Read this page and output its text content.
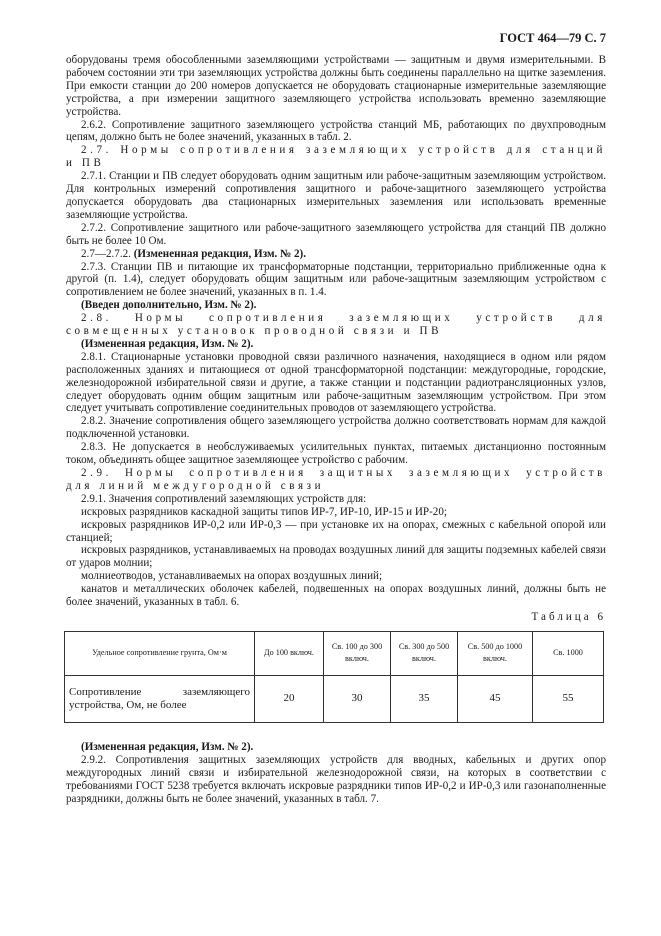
ГОСТ 464—79 С. 7

оборудованы тремя обособленными заземляющими устройствами — защитным и двумя измерительными. В рабочем состоянии эти три заземляющих устройства должны быть соединены параллельно на щитке заземления. При емкости станции до 200 номеров допускается не оборудовать стационарные измерительные заземляющие устройства, а при измерении защитного заземляющего устройства использовать временно заземляющие устройства.

2.6.2. Сопротивление защитного заземляющего устройства станций МБ, работающих по двухпроводным цепям, должно быть не более значений, указанных в табл. 2.

2.7. Нормы сопротивления заземляющих устройств для станций и ПВ

2.7.1. Станции и ПВ следует оборудовать одним защитным или рабоче-защитным заземляющим устройством. Для контрольных измерений сопротивления защитного и рабоче-защитного заземляющего устройства допускается оборудовать два стационарных измерительных заземления или использовать временные заземляющие устройства.

2.7.2. Сопротивление защитного или рабоче-защитного заземляющего устройства для станций ПВ должно быть не более 10 Ом.

2.7—2.7.2. (Измененная редакция, Изм. № 2).

2.7.3. Станции ПВ и питающие их трансформаторные подстанции, территориально приближенные одна к другой (п. 1.4), следует оборудовать общим защитным или рабоче-защитным заземляющим устройством с сопротивлением не более значений, указанных в п. 1.4.

(Введен дополнительно, Изм. № 2).

2.8. Нормы сопротивления заземляющих устройств для совмещенных установок проводной связи и ПВ

(Измененная редакция, Изм. № 2).

2.8.1. Стационарные установки проводной связи различного назначения, находящиеся в одном или рядом расположенных зданиях и питающиеся от одной трансформаторной подстанции: междугородные, городские, железнодорожной избирательной связи и другие, а также станции и подстанции радиотрансляционных узлов, следует оборудовать одним общим защитным или рабоче-защитным заземляющим устройством. При этом следует учитывать сопротивление соединительных проводов от заземляющего устройства.

2.8.2. Значение сопротивления общего заземляющего устройства должно соответствовать нормам для каждой подключенной установки.

2.8.3. Не допускается в необслуживаемых усилительных пунктах, питаемых дистанционно постоянным током, объединять общее защитное заземляющее устройство с рабочим.

2.9. Нормы сопротивления защитных заземляющих устройств для линий междугородной связи

2.9.1. Значения сопротивлений заземляющих устройств для:

искровых разрядников каскадной защиты типов ИР-7, ИР-10, ИР-15 и ИР-20;

искровых разрядников ИР-0,2 или ИР-0,3 — при установке их на опорах, смежных с кабельной опорой или станцией;

искровых разрядников, устанавливаемых на проводах воздушных линий для защиты подземных кабелей связи от ударов молнии;

молниеотводов, устанавливаемых на опорах воздушных линий;

канатов и металлических оболочек кабелей, подвешенных на опорах воздушных линий, должны быть не более значений, указанных в табл. 6.

Таблица 6

Удельное сопротивление грунта, Ом·м	До 100 включ.	Св. 100 до 300 включ.	Св. 300 до 500 включ.	Св. 500 до 1000 включ.	Св. 1000
Сопротивление заземляющего устройства, Ом, не более	20	30	35	45	55

(Измененная редакция, Изм. № 2).

2.9.2. Сопротивления защитных заземляющих устройств для вводных, кабельных и других опор междугородных линий связи и избирательной железнодорожной связи, на которых в соответствии с требованиями ГОСТ 5238 требуется включать искровые разрядники типов ИР-0,2 и ИР-0,3 или газонаполненные разрядники, должны быть не более значений, указанных в табл. 7.
